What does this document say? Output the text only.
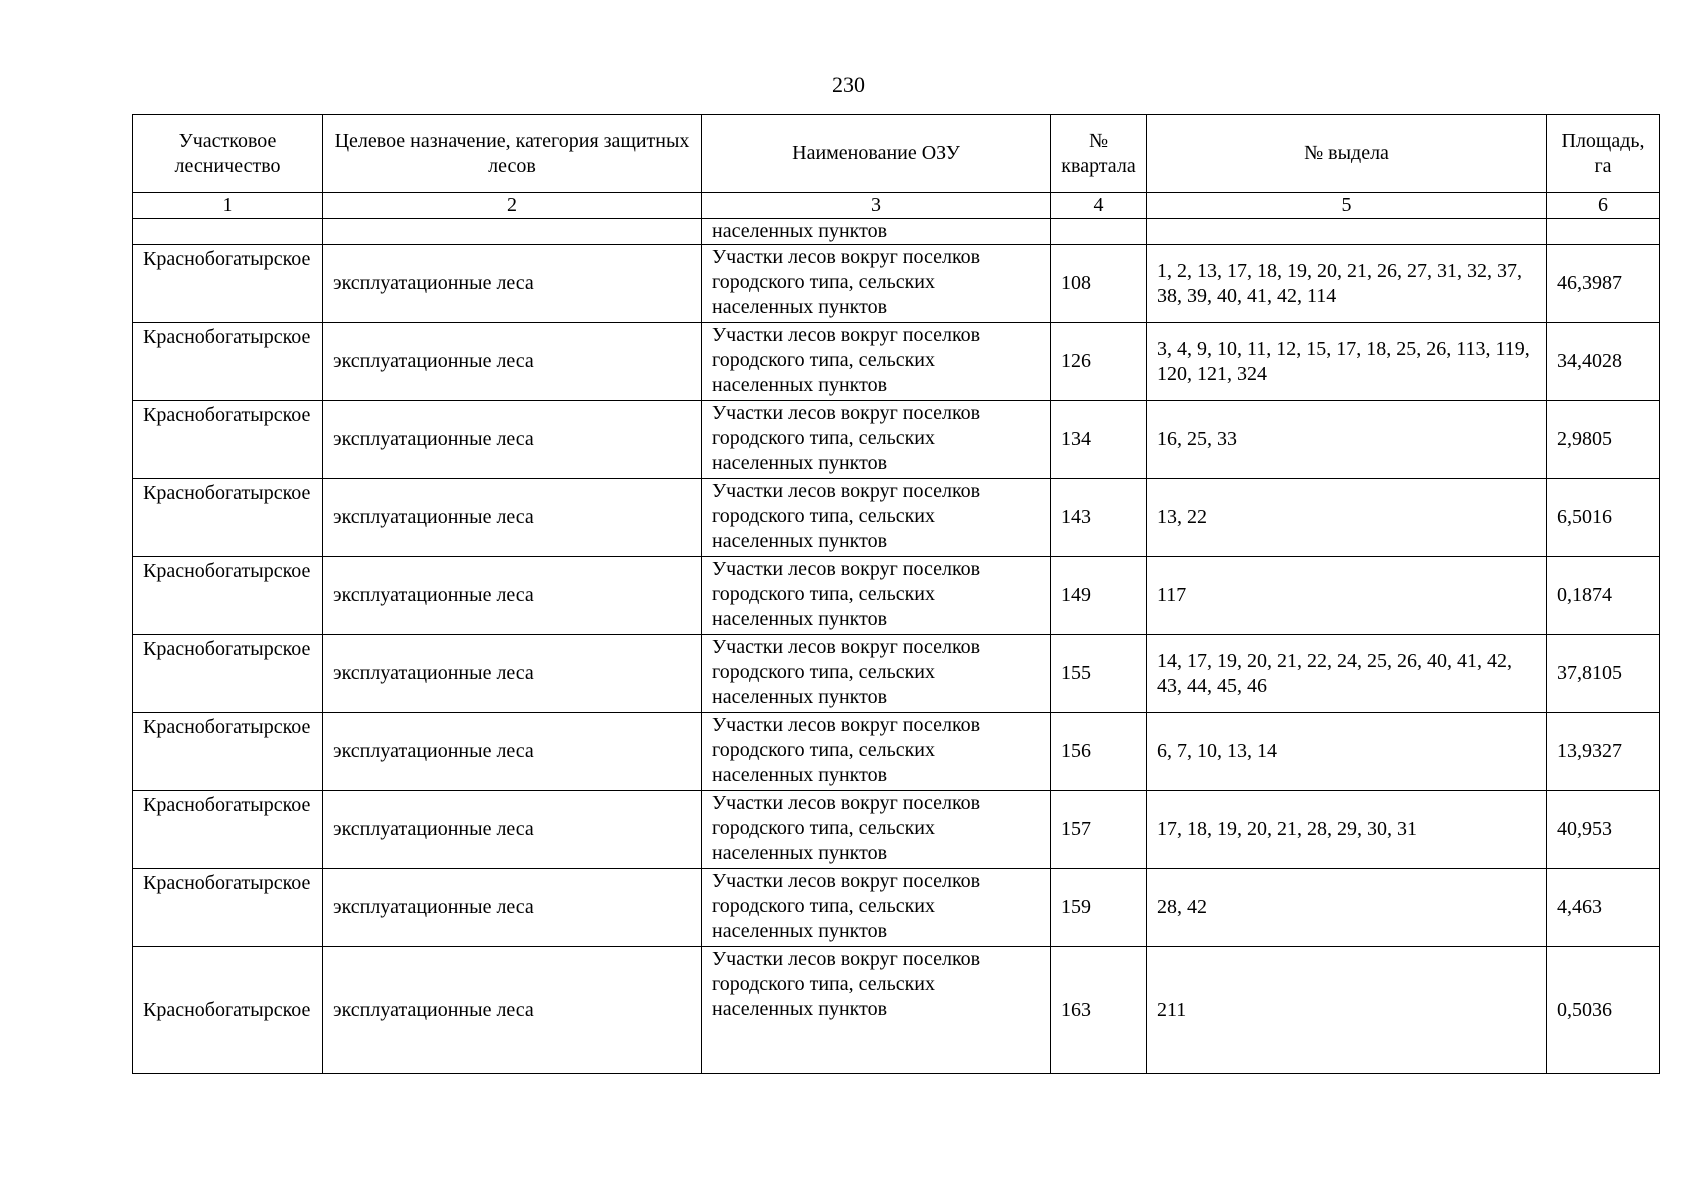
230
Участковое лесничество	Целевое назначение, категория защитных лесов	Наименование ОЗУ	№ квартала	№ выдела	Площадь, га
1	2	3	4	5	6
		населенных пунктов			
Краснобогатырское	эксплуатационные леса	Участки лесов вокруг поселков городского типа, сельских населенных пунктов	108	1, 2, 13, 17, 18, 19, 20, 21, 26, 27, 31, 32, 37, 38, 39, 40, 41, 42, 114	46,3987
Краснобогатырское	эксплуатационные леса	Участки лесов вокруг поселков городского типа, сельских населенных пунктов	126	3, 4, 9, 10, 11, 12, 15, 17, 18, 25, 26, 113, 119, 120, 121, 324	34,4028
Краснобогатырское	эксплуатационные леса	Участки лесов вокруг поселков городского типа, сельских населенных пунктов	134	16, 25, 33	2,9805
Краснобогатырское	эксплуатационные леса	Участки лесов вокруг поселков городского типа, сельских населенных пунктов	143	13, 22	6,5016
Краснобогатырское	эксплуатационные леса	Участки лесов вокруг поселков городского типа, сельских населенных пунктов	149	117	0,1874
Краснобогатырское	эксплуатационные леса	Участки лесов вокруг поселков городского типа, сельских населенных пунктов	155	14, 17, 19, 20, 21, 22, 24, 25, 26, 40, 41, 42, 43, 44, 45, 46	37,8105
Краснобогатырское	эксплуатационные леса	Участки лесов вокруг поселков городского типа, сельских населенных пунктов	156	6, 7, 10, 13, 14	13,9327
Краснобогатырское	эксплуатационные леса	Участки лесов вокруг поселков городского типа, сельских населенных пунктов	157	17, 18, 19, 20, 21, 28, 29, 30, 31	40,953
Краснобогатырское	эксплуатационные леса	Участки лесов вокруг поселков городского типа, сельских населенных пунктов	159	28, 42	4,463
Краснобогатырское	эксплуатационные леса	Участки лесов вокруг поселков городского типа, сельских населенных пунктов	163	211	0,5036
